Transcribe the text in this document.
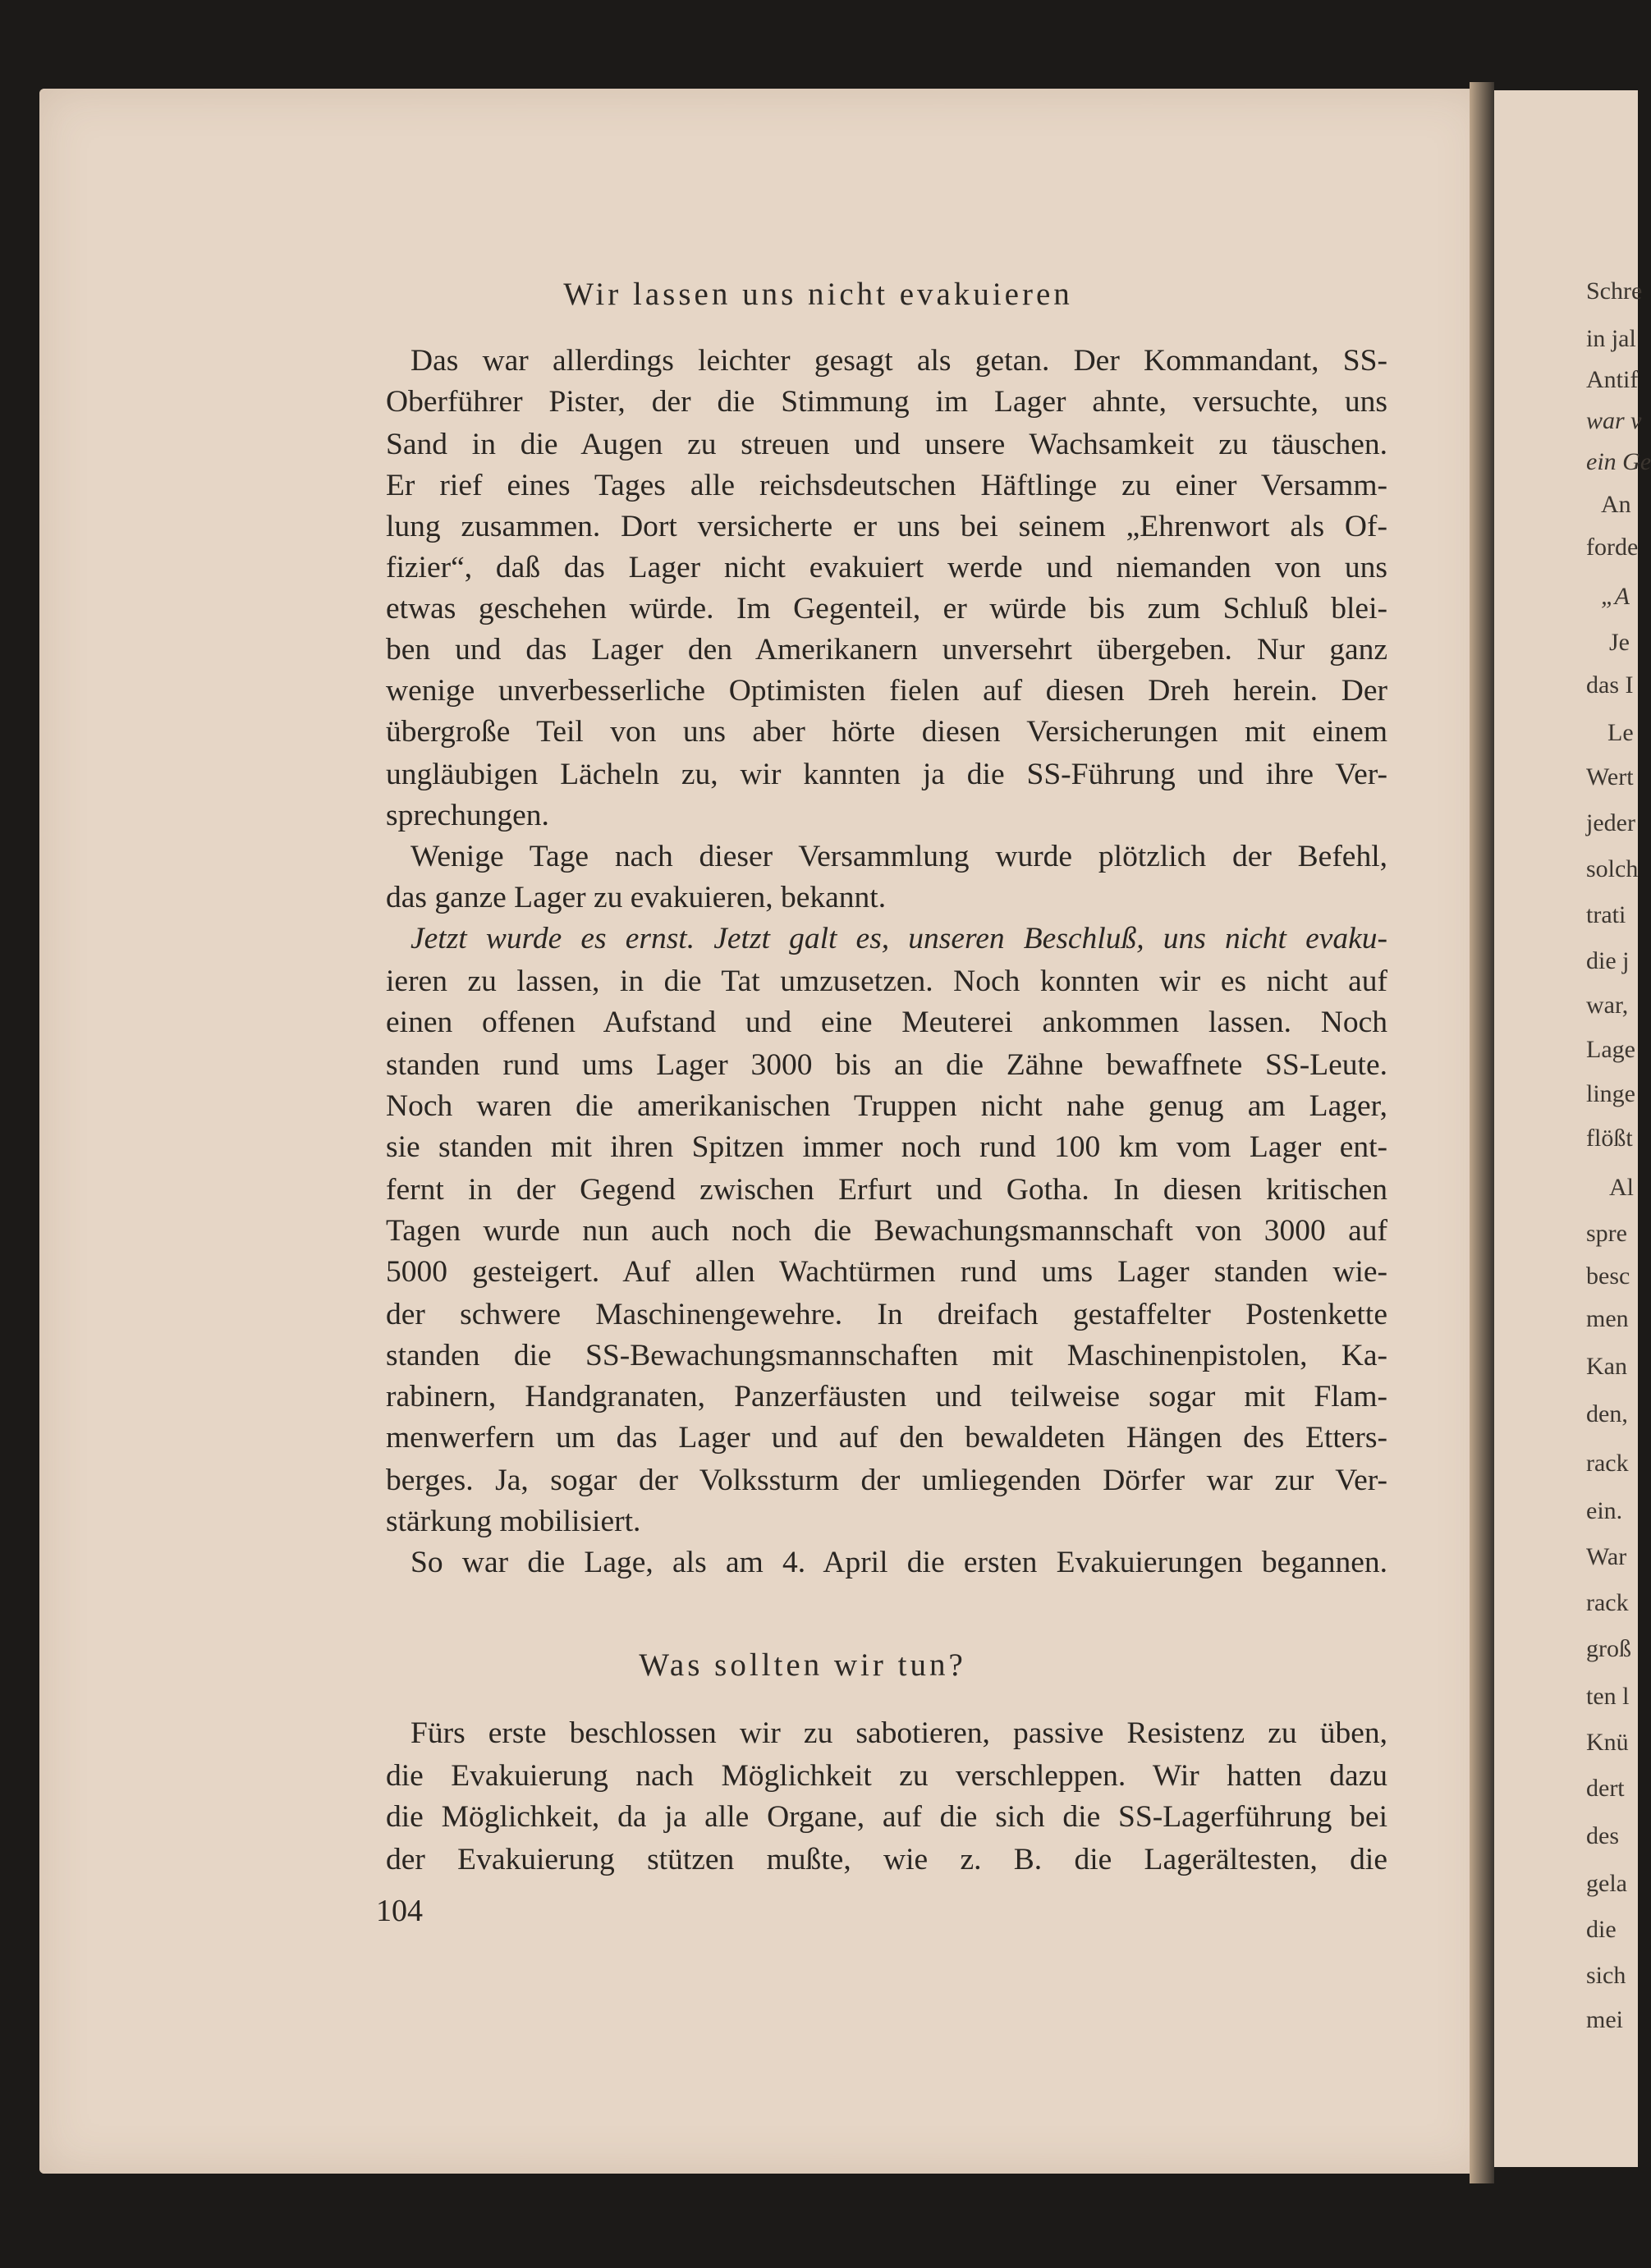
Schre
in jal
Antif
war v
ein Ge
An
forde
„A
Je
das I
Le
Wert
jeder
solch
trati
die j
war,
Lage
linge
flößt
Al
spre
besc
men
Kan
den,
rack
ein.
War
rack
groß
ten l
Knü
dert
des
gela
die
sich
mei
Wir lassen uns nicht evakuieren
Das war allerdings leichter gesagt als getan. Der Kommandant, SS-
Oberführer Pister, der die Stimmung im Lager ahnte, versuchte, uns
Sand in die Augen zu streuen und unsere Wachsamkeit zu täuschen.
Er rief eines Tages alle reichsdeutschen Häftlinge zu einer Versamm-
lung zusammen. Dort versicherte er uns bei seinem „Ehrenwort als Of-
fizier“, daß das Lager nicht evakuiert werde und niemanden von uns
etwas geschehen würde. Im Gegenteil, er würde bis zum Schluß blei-
ben und das Lager den Amerikanern unversehrt übergeben. Nur ganz
wenige unverbesserliche Optimisten fielen auf diesen Dreh herein. Der
übergroße Teil von uns aber hörte diesen Versicherungen mit einem
ungläubigen Lächeln zu, wir kannten ja die SS-Führung und ihre Ver-
sprechungen.
Wenige Tage nach dieser Versammlung wurde plötzlich der Befehl,
das ganze Lager zu evakuieren, bekannt.
Jetzt wurde es ernst. Jetzt galt es, unseren Beschluß, uns nicht evaku-
ieren zu lassen, in die Tat umzusetzen. Noch konnten wir es nicht auf
einen offenen Aufstand und eine Meuterei ankommen lassen. Noch
standen rund ums Lager 3000 bis an die Zähne bewaffnete SS-Leute.
Noch waren die amerikanischen Truppen nicht nahe genug am Lager,
sie standen mit ihren Spitzen immer noch rund 100 km vom Lager ent-
fernt in der Gegend zwischen Erfurt und Gotha. In diesen kritischen
Tagen wurde nun auch noch die Bewachungsmannschaft von 3000 auf
5000 gesteigert. Auf allen Wachtürmen rund ums Lager standen wie-
der schwere Maschinengewehre. In dreifach gestaffelter Postenkette
standen die SS-Bewachungsmannschaften mit Maschinenpistolen, Ka-
rabinern, Handgranaten, Panzerfäusten und teilweise sogar mit Flam-
menwerfern um das Lager und auf den bewaldeten Hängen des Etters-
berges. Ja, sogar der Volkssturm der umliegenden Dörfer war zur Ver-
stärkung mobilisiert.
So war die Lage, als am 4. April die ersten Evakuierungen begannen.
Was sollten wir tun?
Fürs erste beschlossen wir zu sabotieren, passive Resistenz zu üben,
die Evakuierung nach Möglichkeit zu verschleppen. Wir hatten dazu
die Möglichkeit, da ja alle Organe, auf die sich die SS-Lagerführung bei
der Evakuierung stützen mußte, wie z. B. die Lagerältesten, die
104
